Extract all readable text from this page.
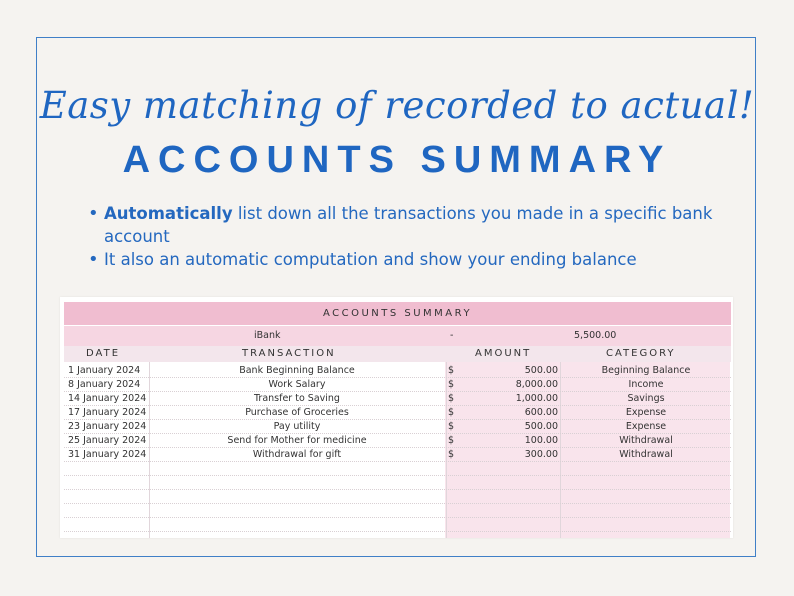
Easy matching of recorded to actual!
ACCOUNTS SUMMARY
• Automatically list down all the transactions you made in a specific bank account
• It also an automatic computation and show your ending balance
ACCOUNTS SUMMARY
iBank	-	5,500.00
DATE	TRANSACTION	AMOUNT	CATEGORY
1 January 2024	Bank Beginning Balance	$	500.00	Beginning Balance
8 January 2024	Work Salary	$	8,000.00	Income
14 January 2024	Transfer to Saving	$	1,000.00	Savings
17 January 2024	Purchase of Groceries	$	600.00	Expense
23 January 2024	Pay utility	$	500.00	Expense
25 January 2024	Send for Mother for medicine	$	100.00	Withdrawal
31 January 2024	Withdrawal for gift	$	300.00	Withdrawal
